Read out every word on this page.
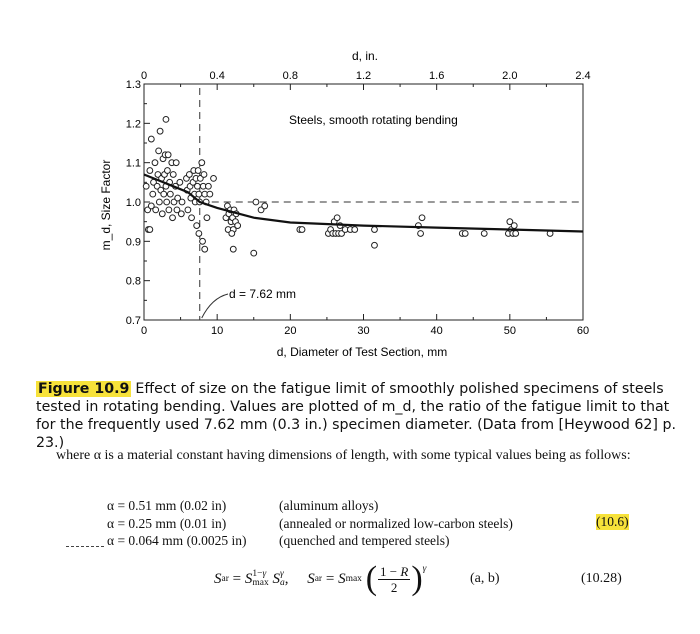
0	10	20	30	40	50	60
0	0.4	0.8	1.2	1.6	2.0	2.4
0.7
0.8
0.9
1.0
1.1
1.2
1.3
Steels, smooth rotating bending
d = 7.62 mm
d, Diameter of Test Section, mm
d, in.
m_d, Size Factor
Figure 10.9 Effect of size on the fatigue limit of smoothly polished specimens of steels tested in rotating bending. Values are plotted of m_d, the ratio of the fatigue limit to that for the frequently used 7.62 mm (0.3 in.) specimen diameter. (Data from [Heywood 62] p. 23.)
where α is a material constant having dimensions of length, with some typical values being as follows:
α = 0.51 mm (0.02 in)	(aluminum alloys)
α = 0.25 mm (0.01 in)	(annealed or normalized low-carbon steels)
α = 0.064 mm (0.0025 in)	(quenched and tempered steels)
(10.6)
S ar = S 1−γ
max
S γ
a , S ar = S max
( $\frac{1 - R}{2}$ ) $^\gamma$
(a, b)	(10.28)
